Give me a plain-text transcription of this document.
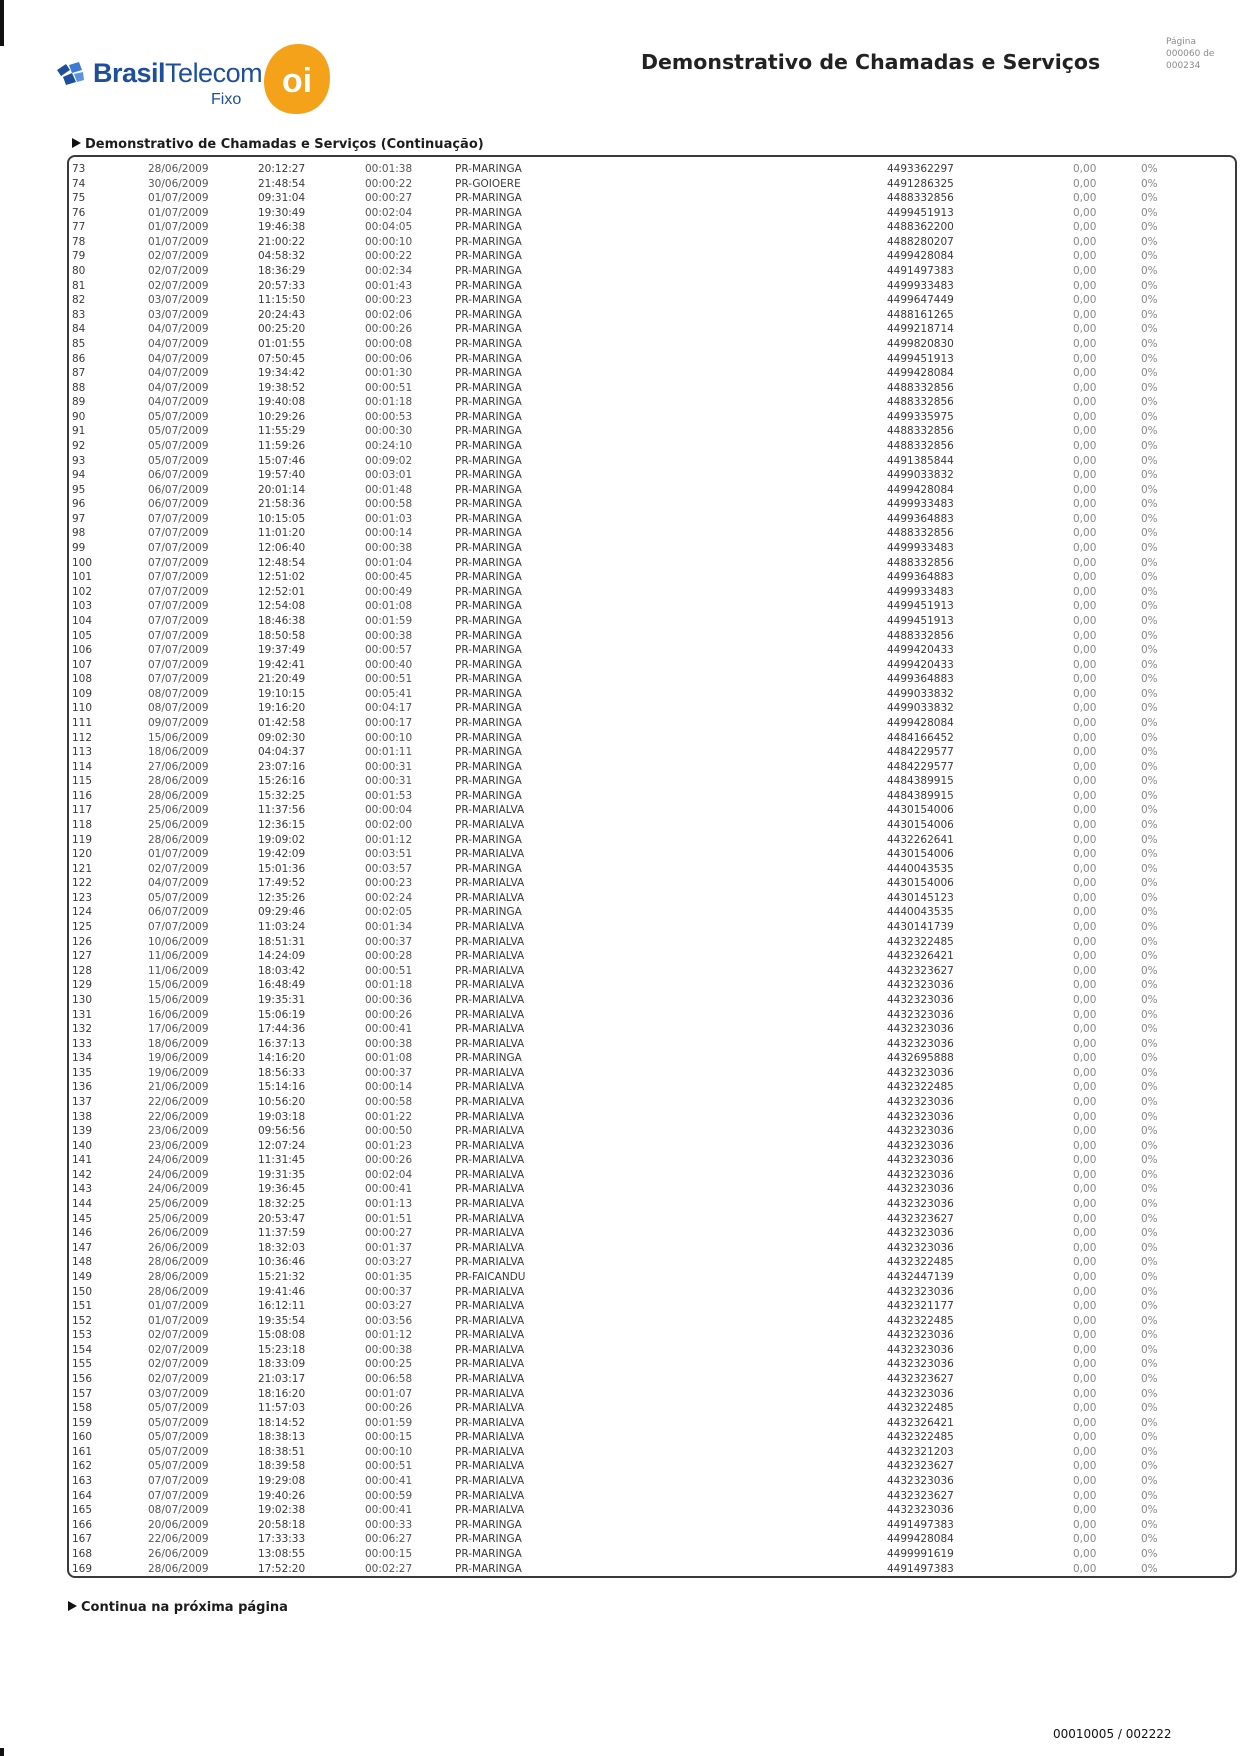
BrasilTelecom
Fixo oi	Demonstrativo de Chamadas e Serviços
Página
000060 de
000234
Demonstrativo de Chamadas e Serviços (Continuação)
73	28/06/2009	20:12:27	00:01:38	PR-MARINGA	4493362297	0,00	0%
74	30/06/2009	21:48:54	00:00:22	PR-GOIOERE	4491286325	0,00	0%
75	01/07/2009	09:31:04	00:00:27	PR-MARINGA	4488332856	0,00	0%
76	01/07/2009	19:30:49	00:02:04	PR-MARINGA	4499451913	0,00	0%
77	01/07/2009	19:46:38	00:04:05	PR-MARINGA	4488362200	0,00	0%
78	01/07/2009	21:00:22	00:00:10	PR-MARINGA	4488280207	0,00	0%
79	02/07/2009	04:58:32	00:00:22	PR-MARINGA	4499428084	0,00	0%
80	02/07/2009	18:36:29	00:02:34	PR-MARINGA	4491497383	0,00	0%
81	02/07/2009	20:57:33	00:01:43	PR-MARINGA	4499933483	0,00	0%
82	03/07/2009	11:15:50	00:00:23	PR-MARINGA	4499647449	0,00	0%
83	03/07/2009	20:24:43	00:02:06	PR-MARINGA	4488161265	0,00	0%
84	04/07/2009	00:25:20	00:00:26	PR-MARINGA	4499218714	0,00	0%
85	04/07/2009	01:01:55	00:00:08	PR-MARINGA	4499820830	0,00	0%
86	04/07/2009	07:50:45	00:00:06	PR-MARINGA	4499451913	0,00	0%
87	04/07/2009	19:34:42	00:01:30	PR-MARINGA	4499428084	0,00	0%
88	04/07/2009	19:38:52	00:00:51	PR-MARINGA	4488332856	0,00	0%
89	04/07/2009	19:40:08	00:01:18	PR-MARINGA	4488332856	0,00	0%
90	05/07/2009	10:29:26	00:00:53	PR-MARINGA	4499335975	0,00	0%
91	05/07/2009	11:55:29	00:00:30	PR-MARINGA	4488332856	0,00	0%
92	05/07/2009	11:59:26	00:24:10	PR-MARINGA	4488332856	0,00	0%
93	05/07/2009	15:07:46	00:09:02	PR-MARINGA	4491385844	0,00	0%
94	06/07/2009	19:57:40	00:03:01	PR-MARINGA	4499033832	0,00	0%
95	06/07/2009	20:01:14	00:01:48	PR-MARINGA	4499428084	0,00	0%
96	06/07/2009	21:58:36	00:00:58	PR-MARINGA	4499933483	0,00	0%
97	07/07/2009	10:15:05	00:01:03	PR-MARINGA	4499364883	0,00	0%
98	07/07/2009	11:01:20	00:00:14	PR-MARINGA	4488332856	0,00	0%
99	07/07/2009	12:06:40	00:00:38	PR-MARINGA	4499933483	0,00	0%
100	07/07/2009	12:48:54	00:01:04	PR-MARINGA	4488332856	0,00	0%
101	07/07/2009	12:51:02	00:00:45	PR-MARINGA	4499364883	0,00	0%
102	07/07/2009	12:52:01	00:00:49	PR-MARINGA	4499933483	0,00	0%
103	07/07/2009	12:54:08	00:01:08	PR-MARINGA	4499451913	0,00	0%
104	07/07/2009	18:46:38	00:01:59	PR-MARINGA	4499451913	0,00	0%
105	07/07/2009	18:50:58	00:00:38	PR-MARINGA	4488332856	0,00	0%
106	07/07/2009	19:37:49	00:00:57	PR-MARINGA	4499420433	0,00	0%
107	07/07/2009	19:42:41	00:00:40	PR-MARINGA	4499420433	0,00	0%
108	07/07/2009	21:20:49	00:00:51	PR-MARINGA	4499364883	0,00	0%
109	08/07/2009	19:10:15	00:05:41	PR-MARINGA	4499033832	0,00	0%
110	08/07/2009	19:16:20	00:04:17	PR-MARINGA	4499033832	0,00	0%
111	09/07/2009	01:42:58	00:00:17	PR-MARINGA	4499428084	0,00	0%
112	15/06/2009	09:02:30	00:00:10	PR-MARINGA	4484166452	0,00	0%
113	18/06/2009	04:04:37	00:01:11	PR-MARINGA	4484229577	0,00	0%
114	27/06/2009	23:07:16	00:00:31	PR-MARINGA	4484229577	0,00	0%
115	28/06/2009	15:26:16	00:00:31	PR-MARINGA	4484389915	0,00	0%
116	28/06/2009	15:32:25	00:01:53	PR-MARINGA	4484389915	0,00	0%
117	25/06/2009	11:37:56	00:00:04	PR-MARIALVA	4430154006	0,00	0%
118	25/06/2009	12:36:15	00:02:00	PR-MARIALVA	4430154006	0,00	0%
119	28/06/2009	19:09:02	00:01:12	PR-MARINGA	4432262641	0,00	0%
120	01/07/2009	19:42:09	00:03:51	PR-MARIALVA	4430154006	0,00	0%
121	02/07/2009	15:01:36	00:03:57	PR-MARINGA	4440043535	0,00	0%
122	04/07/2009	17:49:52	00:00:23	PR-MARIALVA	4430154006	0,00	0%
123	05/07/2009	12:35:26	00:02:24	PR-MARIALVA	4430145123	0,00	0%
124	06/07/2009	09:29:46	00:02:05	PR-MARINGA	4440043535	0,00	0%
125	07/07/2009	11:03:24	00:01:34	PR-MARIALVA	4430141739	0,00	0%
126	10/06/2009	18:51:31	00:00:37	PR-MARIALVA	4432322485	0,00	0%
127	11/06/2009	14:24:09	00:00:28	PR-MARIALVA	4432326421	0,00	0%
128	11/06/2009	18:03:42	00:00:51	PR-MARIALVA	4432323627	0,00	0%
129	15/06/2009	16:48:49	00:01:18	PR-MARIALVA	4432323036	0,00	0%
130	15/06/2009	19:35:31	00:00:36	PR-MARIALVA	4432323036	0,00	0%
131	16/06/2009	15:06:19	00:00:26	PR-MARIALVA	4432323036	0,00	0%
132	17/06/2009	17:44:36	00:00:41	PR-MARIALVA	4432323036	0,00	0%
133	18/06/2009	16:37:13	00:00:38	PR-MARIALVA	4432323036	0,00	0%
134	19/06/2009	14:16:20	00:01:08	PR-MARINGA	4432695888	0,00	0%
135	19/06/2009	18:56:33	00:00:37	PR-MARIALVA	4432323036	0,00	0%
136	21/06/2009	15:14:16	00:00:14	PR-MARIALVA	4432322485	0,00	0%
137	22/06/2009	10:56:20	00:00:58	PR-MARIALVA	4432323036	0,00	0%
138	22/06/2009	19:03:18	00:01:22	PR-MARIALVA	4432323036	0,00	0%
139	23/06/2009	09:56:56	00:00:50	PR-MARIALVA	4432323036	0,00	0%
140	23/06/2009	12:07:24	00:01:23	PR-MARIALVA	4432323036	0,00	0%
141	24/06/2009	11:31:45	00:00:26	PR-MARIALVA	4432323036	0,00	0%
142	24/06/2009	19:31:35	00:02:04	PR-MARIALVA	4432323036	0,00	0%
143	24/06/2009	19:36:45	00:00:41	PR-MARIALVA	4432323036	0,00	0%
144	25/06/2009	18:32:25	00:01:13	PR-MARIALVA	4432323036	0,00	0%
145	25/06/2009	20:53:47	00:01:51	PR-MARIALVA	4432323627	0,00	0%
146	26/06/2009	11:37:59	00:00:27	PR-MARIALVA	4432323036	0,00	0%
147	26/06/2009	18:32:03	00:01:37	PR-MARIALVA	4432323036	0,00	0%
148	28/06/2009	10:36:46	00:03:27	PR-MARIALVA	4432322485	0,00	0%
149	28/06/2009	15:21:32	00:01:35	PR-FAICANDU	4432447139	0,00	0%
150	28/06/2009	19:41:46	00:00:37	PR-MARIALVA	4432323036	0,00	0%
151	01/07/2009	16:12:11	00:03:27	PR-MARIALVA	4432321177	0,00	0%
152	01/07/2009	19:35:54	00:03:56	PR-MARIALVA	4432322485	0,00	0%
153	02/07/2009	15:08:08	00:01:12	PR-MARIALVA	4432323036	0,00	0%
154	02/07/2009	15:23:18	00:00:38	PR-MARIALVA	4432323036	0,00	0%
155	02/07/2009	18:33:09	00:00:25	PR-MARIALVA	4432323036	0,00	0%
156	02/07/2009	21:03:17	00:06:58	PR-MARIALVA	4432323627	0,00	0%
157	03/07/2009	18:16:20	00:01:07	PR-MARIALVA	4432323036	0,00	0%
158	05/07/2009	11:57:03	00:00:26	PR-MARIALVA	4432322485	0,00	0%
159	05/07/2009	18:14:52	00:01:59	PR-MARIALVA	4432326421	0,00	0%
160	05/07/2009	18:38:13	00:00:15	PR-MARIALVA	4432322485	0,00	0%
161	05/07/2009	18:38:51	00:00:10	PR-MARIALVA	4432321203	0,00	0%
162	05/07/2009	18:39:58	00:00:51	PR-MARIALVA	4432323627	0,00	0%
163	07/07/2009	19:29:08	00:00:41	PR-MARIALVA	4432323036	0,00	0%
164	07/07/2009	19:40:26	00:00:59	PR-MARIALVA	4432323627	0,00	0%
165	08/07/2009	19:02:38	00:00:41	PR-MARIALVA	4432323036	0,00	0%
166	20/06/2009	20:58:18	00:00:33	PR-MARINGA	4491497383	0,00	0%
167	22/06/2009	17:33:33	00:06:27	PR-MARINGA	4499428084	0,00	0%
168	26/06/2009	13:08:55	00:00:15	PR-MARINGA	4499991619	0,00	0%
169	28/06/2009	17:52:20	00:02:27	PR-MARINGA	4491497383	0,00	0%
Continua na próxima página
00010005 / 002222
